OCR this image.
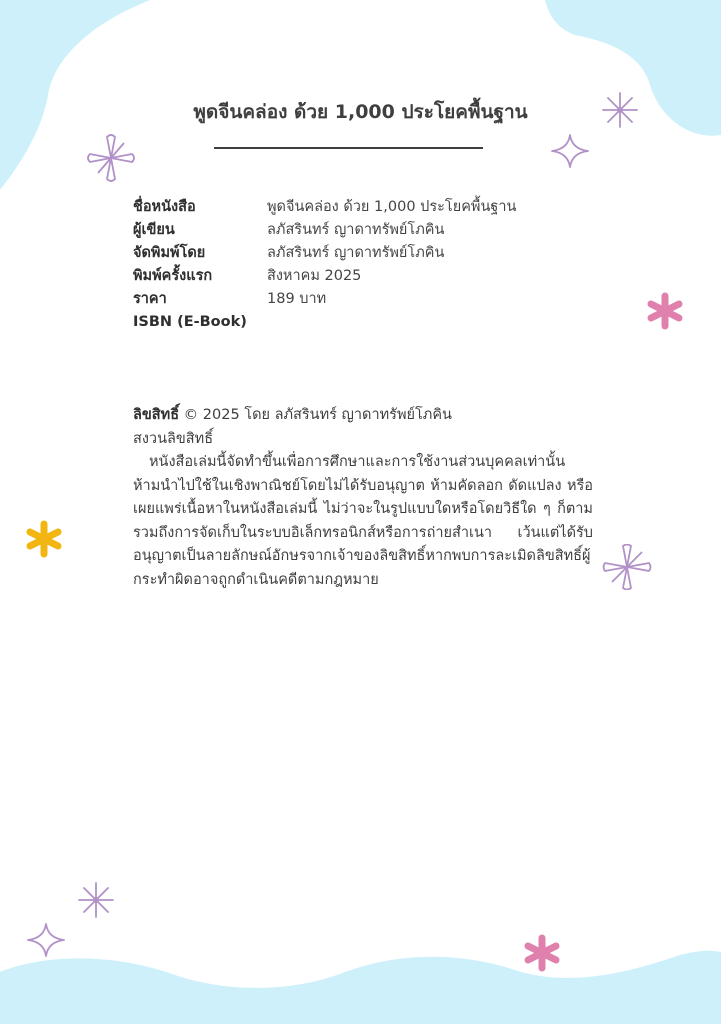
พูดจีนคล่อง ด้วย 1,000 ประโยคพื้นฐาน
ชื่อหนังสือ	พูดจีนคล่อง ด้วย 1,000 ประโยคพื้นฐาน
ผู้เขียน	ลภัสรินทร์ ญาดาทรัพย์โภคิน
จัดพิมพ์โดย	ลภัสรินทร์ ญาดาทรัพย์โภคิน
พิมพ์ครั้งแรก	สิงหาคม 2025
ราคา	189 บาท
ISBN (E-Book)
ลิขสิทธิ์ © 2025 โดย ลภัสรินทร์ ญาดาทรัพย์โภคิน
สงวนลิขสิทธิ์

หนังสือเล่มนี้จัดทำขึ้นเพื่อการศึกษาและการใช้งานส่วนบุคคลเท่านั้น ห้ามนำไปใช้ในเชิงพาณิชย์โดยไม่ได้รับอนุญาต ห้ามคัดลอก ดัดแปลง หรือเผยแพร่เนื้อหาในหนังสือเล่มนี้ ไม่ว่าจะในรูปแบบใดหรือโดยวิธีใด ๆ ก็ตาม รวมถึงการจัดเก็บในระบบอิเล็กทรอนิกส์หรือการถ่ายสำเนา เว้นแต่ได้รับอนุญาตเป็นลายลักษณ์อักษรจากเจ้าของลิขสิทธิ์หากพบการละเมิดลิขสิทธิ์ผู้กระทำผิดอาจถูกดำเนินคดีตามกฎหมาย
